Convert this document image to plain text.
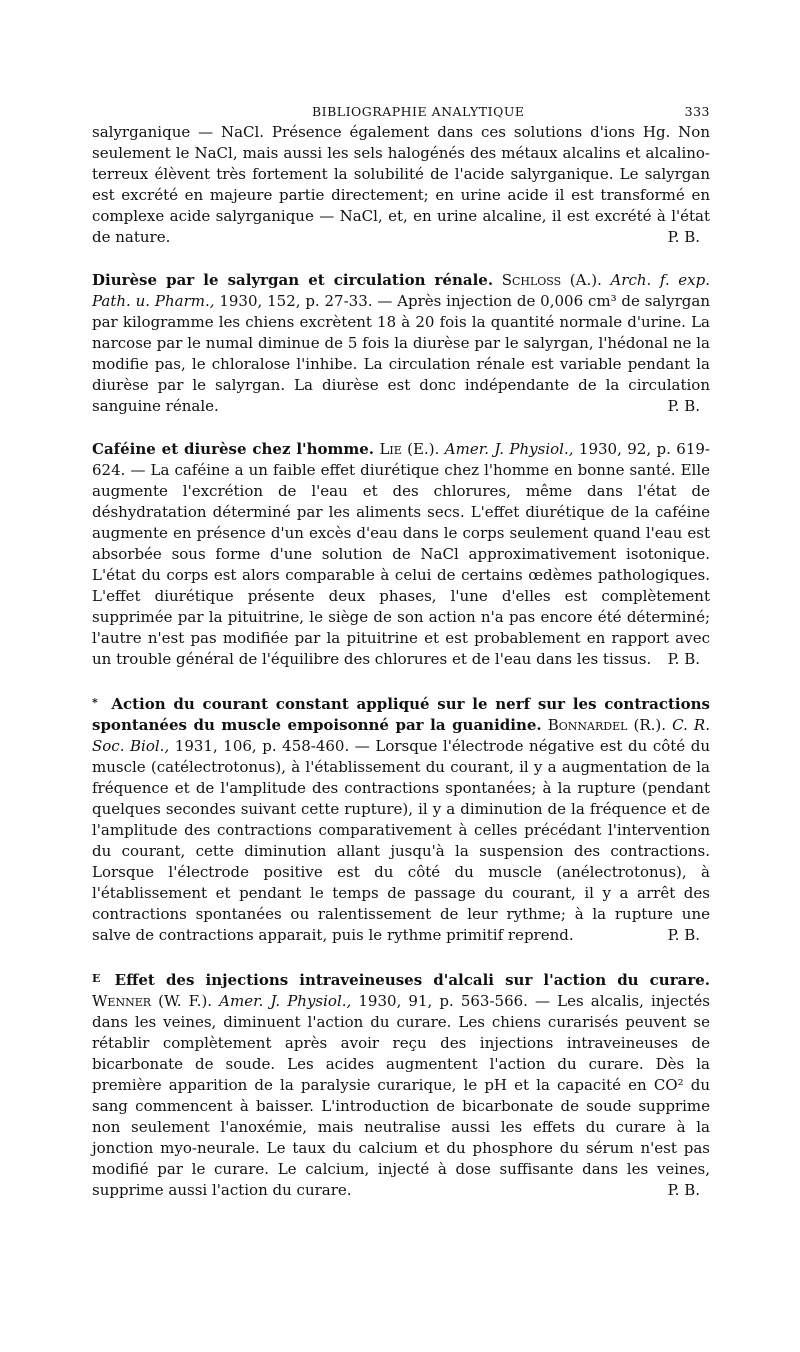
BIBLIOGRAPHIE ANALYTIQUE	333
salyrganique — NaCl. Présence également dans ces solutions d'ions Hg. Non seulement le NaCl, mais aussi les sels halogénés des métaux alcalins et alcalino-terreux élèvent très fortement la solubilité de l'acide salyrganique. Le salyrgan est excrété en majeure partie directement; en urine acide il est transformé en complexe acide salyrganique — NaCl, et, en urine alcaline, il est excrété à l'état de nature.	P. B.
Diurèse par le salyrgan et circulation rénale. Schloss (A.). Arch. f. exp. Path. u. Pharm., 1930, 152, p. 27-33. — Après injection de 0,006 cm³ de salyrgan par kilogramme les chiens excrètent 18 à 20 fois la quantité normale d'urine. La narcose par le numal diminue de 5 fois la diurèse par le salyrgan, l'hédonal ne la modifie pas, le chloralose l'inhibe. La circulation rénale est variable pendant la diurèse par le salyrgan. La diurèse est donc indépendante de la circulation sanguine rénale.	P. B.
Caféine et diurèse chez l'homme. Lie (E.). Amer. J. Physiol., 1930, 92, p. 619-624. — La caféine a un faible effet diurétique chez l'homme en bonne santé. Elle augmente l'excrétion de l'eau et des chlorures, même dans l'état de déshydratation déterminé par les aliments secs. L'effet diurétique de la caféine augmente en présence d'un excès d'eau dans le corps seulement quand l'eau est absorbée sous forme d'une solution de NaCl approximativement isotonique. L'état du corps est alors comparable à celui de certains œdèmes pathologiques. L'effet diurétique présente deux phases, l'une d'elles est complètement supprimée par la pituitrine, le siège de son action n'a pas encore été déterminé; l'autre n'est pas modifiée par la pituitrine et est probablement en rapport avec un trouble général de l'équilibre des chlorures et de l'eau dans les tissus. P. B.
* Action du courant constant appliqué sur le nerf sur les contractions spontanées du muscle empoisonné par la guanidine. Bonnardel (R.). C. R. Soc. Biol., 1931, 106, p. 458-460. — Lorsque l'électrode négative est du côté du muscle (catélectrotonus), à l'établissement du courant, il y a augmentation de la fréquence et de l'amplitude des contractions spontanées; à la rupture (pendant quelques secondes suivant cette rupture), il y a diminution de la fréquence et de l'amplitude des contractions comparativement à celles précédant l'intervention du courant, cette diminution allant jusqu'à la suspension des contractions. Lorsque l'électrode positive est du côté du muscle (anélectrotonus), à l'établissement et pendant le temps de passage du courant, il y a arrêt des contractions spontanées ou ralentissement de leur rythme; à la rupture une salve de contractions apparait, puis le rythme primitif reprend.	P. B.
E Effet des injections intraveineuses d'alcali sur l'action du curare. Wenner (W. F.). Amer. J. Physiol., 1930, 91, p. 563-566. — Les alcalis, injectés dans les veines, diminuent l'action du curare. Les chiens curarisés peuvent se rétablir complètement après avoir reçu des injections intraveineuses de bicarbonate de soude. Les acides augmentent l'action du curare. Dès la première apparition de la paralysie curarique, le pH et la capacité en CO² du sang commencent à baisser. L'introduction de bicarbonate de soude supprime non seulement l'anoxémie, mais neutralise aussi les effets du curare à la jonction myo-neurale. Le taux du calcium et du phosphore du sérum n'est pas modifié par le curare. Le calcium, injecté à dose suffisante dans les veines, supprime aussi l'action du curare.	P. B.
